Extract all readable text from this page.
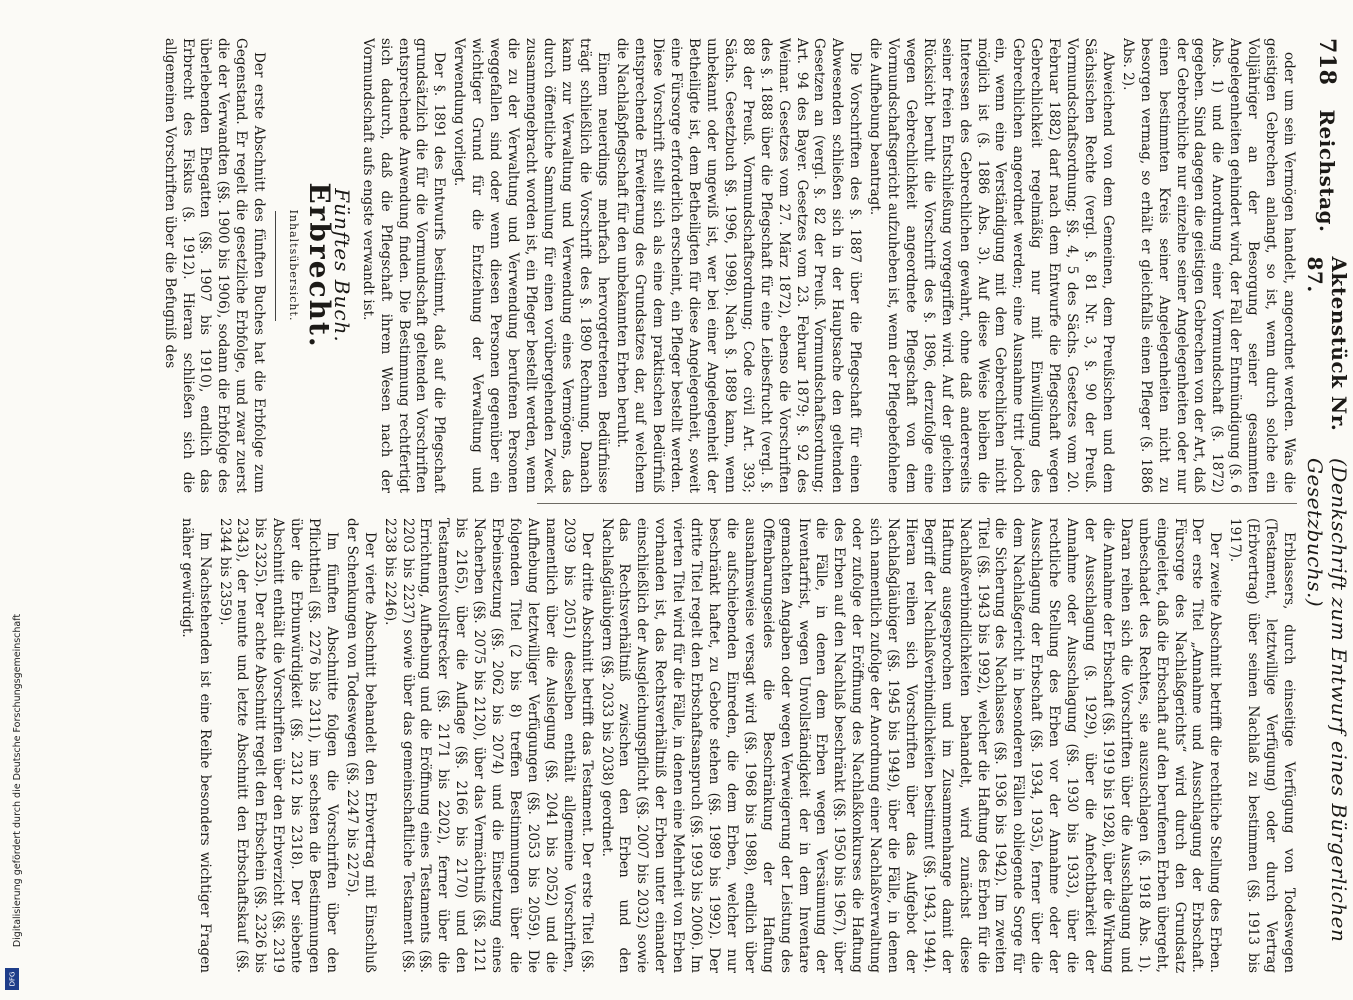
718
Reichstag.
Aktenstück Nr. 87.
(Denkschrift zum Entwurf eines Bürgerlichen Gesetzbuchs.)

oder um sein Vermögen handelt, angeordnet werden. Was die geistigen Gebrechen anlangt, so ist, wenn durch solche ein Volljähriger an der Besorgung seiner gesammten Angelegenheiten gehindert wird, der Fall der Entmündigung (§. 6 Abs. 1) und die Anordnung einer Vormundschaft (§. 1872) gegeben. Sind dagegen die geistigen Gebrechen von der Art, daß der Gebrechliche nur einzelne seiner Angelegenheiten oder nur einen bestimmten Kreis seiner Angelegenheiten nicht zu besorgen vermag, so erhält er gleichfalls einen Pfleger (§. 1886 Abs. 2).

Abweichend von dem Gemeinen, dem Preußischen und dem Sächsischen Rechte (vergl. §. 81 Nr. 3, §. 90 der Preuß. Vormundschaftsordnung; §§. 4, 5 des Sächs. Gesetzes vom 20. Februar 1882) darf nach dem Entwurfe die Pflegschaft wegen Gebrechlichkeit regelmäßig nur mit Einwilligung des Gebrechlichen angeordnet werden; eine Ausnahme tritt jedoch ein, wenn eine Verständigung mit dem Gebrechlichen nicht möglich ist (§. 1886 Abs. 3). Auf diese Weise bleiben die Interessen des Gebrechlichen gewahrt, ohne daß andererseits seiner freien Entschließung vorgegriffen wird. Auf der gleichen Rücksicht beruht die Vorschrift des §. 1896, derzufolge eine wegen Gebrechlichkeit angeordnete Pflegschaft von dem Vormundschaftsgericht aufzuheben ist, wenn der Pflegebefohlene die Aufhebung beantragt.

Die Vorschriften des §. 1887 über die Pflegschaft für einen Abwesenden schließen sich in der Hauptsache den geltenden Gesetzen an (vergl. §. 82 der Preuß. Vormundschaftsordnung; Art. 94 des Bayer. Gesetzes vom 23. Februar 1879; §. 92 des Weimar. Gesetzes vom 27. März 1872), ebenso die Vorschriften des §. 1888 über die Pflegschaft für eine Leibesfrucht (vergl. §. 88 der Preuß. Vormundschaftsordnung; Code civil Art. 393; Sächs. Gesetzbuch §§. 1996, 1998). Nach §. 1889 kann, wenn unbekannt oder ungewiß ist, wer bei einer Angelegenheit der Betheiligte ist, dem Betheiligten für diese Angelegenheit, soweit eine Fürsorge erforderlich erscheint, ein Pfleger bestellt werden. Diese Vorschrift stellt sich als eine dem praktischen Bedürfniß entsprechende Erweiterung des Grundsatzes dar, auf welchem die Nachlaßpflegschaft für den unbekannten Erben beruht.

Einem neuerdings mehrfach hervorgetretenen Bedürfnisse trägt schließlich die Vorschrift des §. 1890 Rechnung. Danach kann zur Verwaltung und Verwendung eines Vermögens, das durch öffentliche Sammlung für einen vorübergehenden Zweck zusammengebracht worden ist, ein Pfleger bestellt werden, wenn die zu der Verwaltung und Verwendung berufenen Personen weggefallen sind oder wenn diesen Personen gegenüber ein wichtiger Grund für die Entziehung der Verwaltung und Verwendung vorliegt.

Der §. 1891 des Entwurfs bestimmt, daß auf die Pflegschaft grundsätzlich die für die Vormundschaft geltenden Vorschriften entsprechende Anwendung finden. Die Bestimmung rechtfertigt sich dadurch, daß die Pflegschaft ihrem Wesen nach der Vormundschaft aufs engste verwandt ist.

Fünftes Buch.
Erbrecht.
Inhaltsübersicht.

Der erste Abschnitt des fünften Buches hat die Erbfolge zum Gegenstand. Er regelt die gesetzliche Erbfolge, und zwar zuerst die der Verwandten (§§. 1900 bis 1906), sodann die Erbfolge des überlebenden Ehegatten (§§. 1907 bis 1910), endlich das Erbrecht des Fiskus (§. 1912). Hieran schließen sich die allgemeinen Vorschriften über die Befugniß des

Erblassers, durch einseitige Verfügung von Todeswegen (Testament, letztwillige Verfügung) oder durch Vertrag (Erbvertrag) über seinen Nachlaß zu bestimmen (§§. 1913 bis 1917).

Der zweite Abschnitt betrifft die rechtliche Stellung des Erben. Der erste Titel „Annahme und Ausschlagung der Erbschaft. Fürsorge des Nachlaßgerichts“ wird durch den Grundsatz eingeleitet, daß die Erbschaft auf den berufenen Erben übergeht, unbeschadet des Rechtes, sie auszuschlagen (§. 1918 Abs. 1). Daran reihen sich die Vorschriften über die Ausschlagung und die Annahme der Erbschaft (§§. 1919 bis 1928), über die Wirkung der Ausschlagung (§. 1929), über die Anfechtbarkeit der Annahme oder Ausschlagung (§§. 1930 bis 1933), über die rechtliche Stellung des Erben vor der Annahme oder der Ausschlagung der Erbschaft (§§. 1934, 1935), ferner über die dem Nachlaßgericht in besonderen Fällen obliegende Sorge für die Sicherung des Nachlasses (§§. 1936 bis 1942). Im zweiten Titel (§§. 1943 bis 1992), welcher die Haftung des Erben für die Nachlaßverbindlichkeiten behandelt, wird zunächst diese Haftung ausgesprochen und im Zusammenhange damit der Begriff der Nachlaßverbindlichkeiten bestimmt (§§. 1943, 1944). Hieran reihen sich Vorschriften über das Aufgebot der Nachlaßgläubiger (§§. 1945 bis 1949), über die Fälle, in denen sich namentlich zufolge der Anordnung einer Nachlaßverwaltung oder zufolge der Eröffnung des Nachlaßkonkurses die Haftung des Erben auf den Nachlaß beschränkt (§§. 1950 bis 1967), über die Fälle, in denen dem Erben wegen Versäumung der Inventarfrist, wegen Unvollständigkeit der in dem Inventare gemachten Angaben oder wegen Verweigerung der Leistung des Offenbarungseides die Beschränkung der Haftung ausnahmsweise versagt wird (§§. 1968 bis 1988), endlich über die aufschiebenden Einreden, die dem Erben, welcher nur beschränkt haftet, zu Gebote stehen (§§. 1989 bis 1992). Der dritte Titel regelt den Erbschaftsanspruch (§§. 1993 bis 2006). Im vierten Titel wird für die Fälle, in denen eine Mehrheit von Erben vorhanden ist, das Rechtsverhältniß der Erben unter einander einschließlich der Ausgleichungspflicht (§§. 2007 bis 2032) sowie das Rechtsverhältniß zwischen den Erben und den Nachlaßgläubigern (§§. 2033 bis 2038) geordnet.

Der dritte Abschnitt betrifft das Testament. Der erste Titel (§§. 2039 bis 2051) desselben enthält allgemeine Vorschriften, namentlich über die Auslegung (§§. 2041 bis 2052) und die Aufhebung letztwilliger Verfügungen (§§. 2053 bis 2059). Die folgenden Titel (2 bis 8) treffen Bestimmungen über die Erbeinsetzung (§§. 2062 bis 2074) und die Einsetzung eines Nacherben (§§. 2075 bis 2120), über das Vermächtniß (§§. 2121 bis 2165), über die Auflage (§§. 2166 bis 2170) und den Testamentsvollstrecker (§§. 2171 bis 2202), ferner über die Errichtung, Aufhebung und die Eröffnung eines Testaments (§§. 2203 bis 2237) sowie über das gemeinschaftliche Testament (§§. 2238 bis 2246).

Der vierte Abschnitt behandelt den Erbvertrag mit Einschluß der Schenkungen von Todeswegen (§§. 2247 bis 2275).

Im fünften Abschnitte folgen die Vorschriften über den Pflichttheil (§§. 2276 bis 2311), im sechsten die Bestimmungen über die Erbunwürdigkeit (§§. 2312 bis 2318). Der siebente Abschnitt enthält die Vorschriften über den Erbverzicht (§§. 2319 bis 2325). Der achte Abschnitt regelt den Erbschein (§§. 2326 bis 2343), der neunte und letzte Abschnitt den Erbschaftskauf (§§. 2344 bis 2359).

Im Nachstehenden ist eine Reihe besonders wichtiger Fragen näher gewürdigt.

Digitalisierung gefördert durch die Deutsche Forschungsgemeinschaft
DFG
